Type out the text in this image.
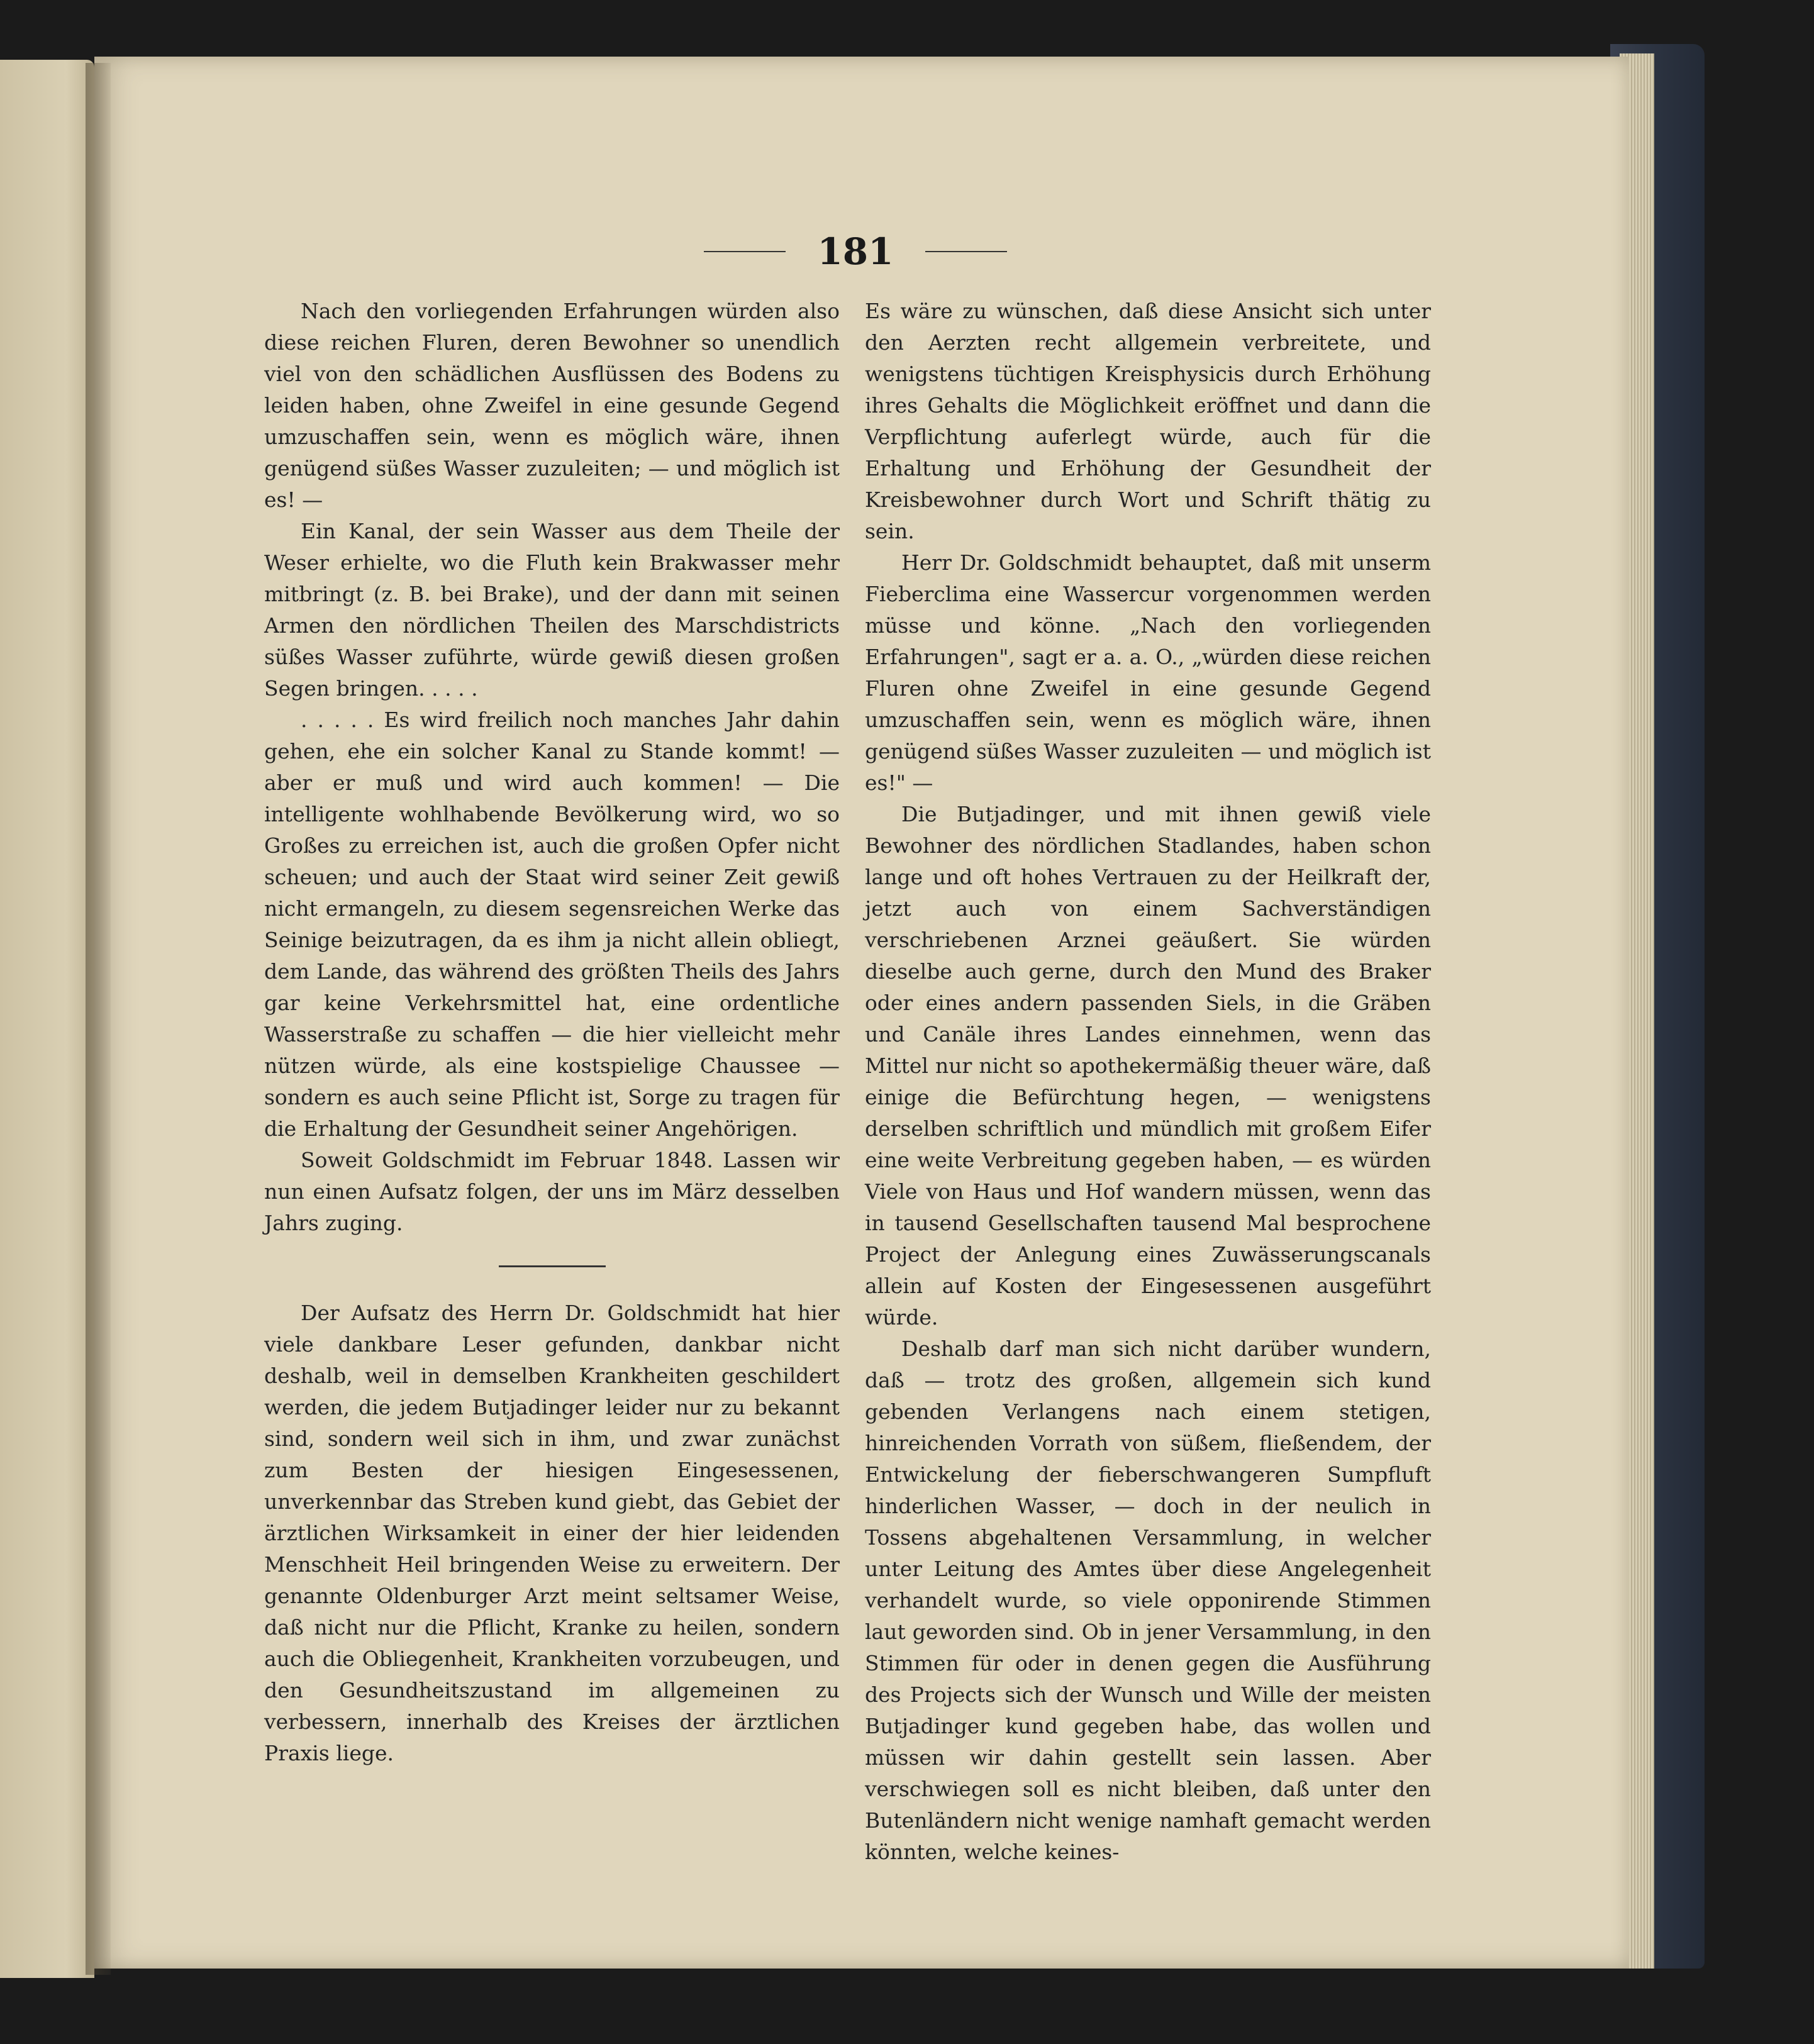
181

Nach den vorliegenden Erfahrungen würden also diese reichen Fluren, deren Bewohner so unendlich viel von den schädlichen Ausflüssen des Bodens zu leiden haben, ohne Zweifel in eine gesunde Gegend umzuschaffen sein, wenn es möglich wäre, ihnen genügend süßes Wasser zuzuleiten; — und möglich ist es! —

Ein Kanal, der sein Wasser aus dem Theile der Weser erhielte, wo die Fluth kein Brakwasser mehr mitbringt (z. B. bei Brake), und der dann mit seinen Armen den nördlichen Theilen des Marschdistricts süßes Wasser zuführte, würde gewiß diesen großen Segen bringen. . . . .

. . . . . Es wird freilich noch manches Jahr dahin gehen, ehe ein solcher Kanal zu Stande kommt! — aber er muß und wird auch kommen! — Die intelligente wohlhabende Bevölkerung wird, wo so Großes zu erreichen ist, auch die großen Opfer nicht scheuen; und auch der Staat wird seiner Zeit gewiß nicht ermangeln, zu diesem segensreichen Werke das Seinige beizutragen, da es ihm ja nicht allein obliegt, dem Lande, das während des größten Theils des Jahrs gar keine Verkehrsmittel hat, eine ordentliche Wasserstraße zu schaffen — die hier vielleicht mehr nützen würde, als eine kostspielige Chaussee — sondern es auch seine Pflicht ist, Sorge zu tragen für die Erhaltung der Gesundheit seiner Angehörigen.

Soweit Goldschmidt im Februar 1848. Lassen wir nun einen Aufsatz folgen, der uns im März desselben Jahrs zuging.

Der Aufsatz des Herrn Dr. Goldschmidt hat hier viele dankbare Leser gefunden, dankbar nicht deshalb, weil in demselben Krankheiten geschildert werden, die jedem Butjadinger leider nur zu bekannt sind, sondern weil sich in ihm, und zwar zunächst zum Besten der hiesigen Eingesessenen, unverkennbar das Streben kund giebt, das Gebiet der ärztlichen Wirksamkeit in einer der hier leidenden Menschheit Heil bringenden Weise zu erweitern. Der genannte Oldenburger Arzt meint seltsamer Weise, daß nicht nur die Pflicht, Kranke zu heilen, sondern auch die Obliegenheit, Krankheiten vorzubeugen, und den Gesundheitszustand im allgemeinen zu verbessern, innerhalb des Kreises der ärztlichen Praxis liege.

Es wäre zu wünschen, daß diese Ansicht sich unter den Aerzten recht allgemein verbreitete, und wenigstens tüchtigen Kreisphysicis durch Erhöhung ihres Gehalts die Möglichkeit eröffnet und dann die Verpflichtung auferlegt würde, auch für die Erhaltung und Erhöhung der Gesundheit der Kreisbewohner durch Wort und Schrift thätig zu sein.

Herr Dr. Goldschmidt behauptet, daß mit unserm Fieberclima eine Wassercur vorgenommen werden müsse und könne. „Nach den vorliegenden Erfahrungen", sagt er a. a. O., „würden diese reichen Fluren ohne Zweifel in eine gesunde Gegend umzuschaffen sein, wenn es möglich wäre, ihnen genügend süßes Wasser zuzuleiten — und möglich ist es!" —

Die Butjadinger, und mit ihnen gewiß viele Bewohner des nördlichen Stadlandes, haben schon lange und oft hohes Vertrauen zu der Heilkraft der, jetzt auch von einem Sachverständigen verschriebenen Arznei geäußert. Sie würden dieselbe auch gerne, durch den Mund des Braker oder eines andern passenden Siels, in die Gräben und Canäle ihres Landes einnehmen, wenn das Mittel nur nicht so apothekermäßig theuer wäre, daß einige die Befürchtung hegen, — wenigstens derselben schriftlich und mündlich mit großem Eifer eine weite Verbreitung gegeben haben, — es würden Viele von Haus und Hof wandern müssen, wenn das in tausend Gesellschaften tausend Mal besprochene Project der Anlegung eines Zuwässerungscanals allein auf Kosten der Eingesessenen ausgeführt würde.

Deshalb darf man sich nicht darüber wundern, daß — trotz des großen, allgemein sich kund gebenden Verlangens nach einem stetigen, hinreichenden Vorrath von süßem, fließendem, der Entwickelung der fieberschwangeren Sumpfluft hinderlichen Wasser, — doch in der neulich in Tossens abgehaltenen Versammlung, in welcher unter Leitung des Amtes über diese Angelegenheit verhandelt wurde, so viele opponirende Stimmen laut geworden sind. Ob in jener Versammlung, in den Stimmen für oder in denen gegen die Ausführung des Projects sich der Wunsch und Wille der meisten Butjadinger kund gegeben habe, das wollen und müssen wir dahin gestellt sein lassen. Aber verschwiegen soll es nicht bleiben, daß unter den Butenländern nicht wenige namhaft gemacht werden könnten, welche keines-
